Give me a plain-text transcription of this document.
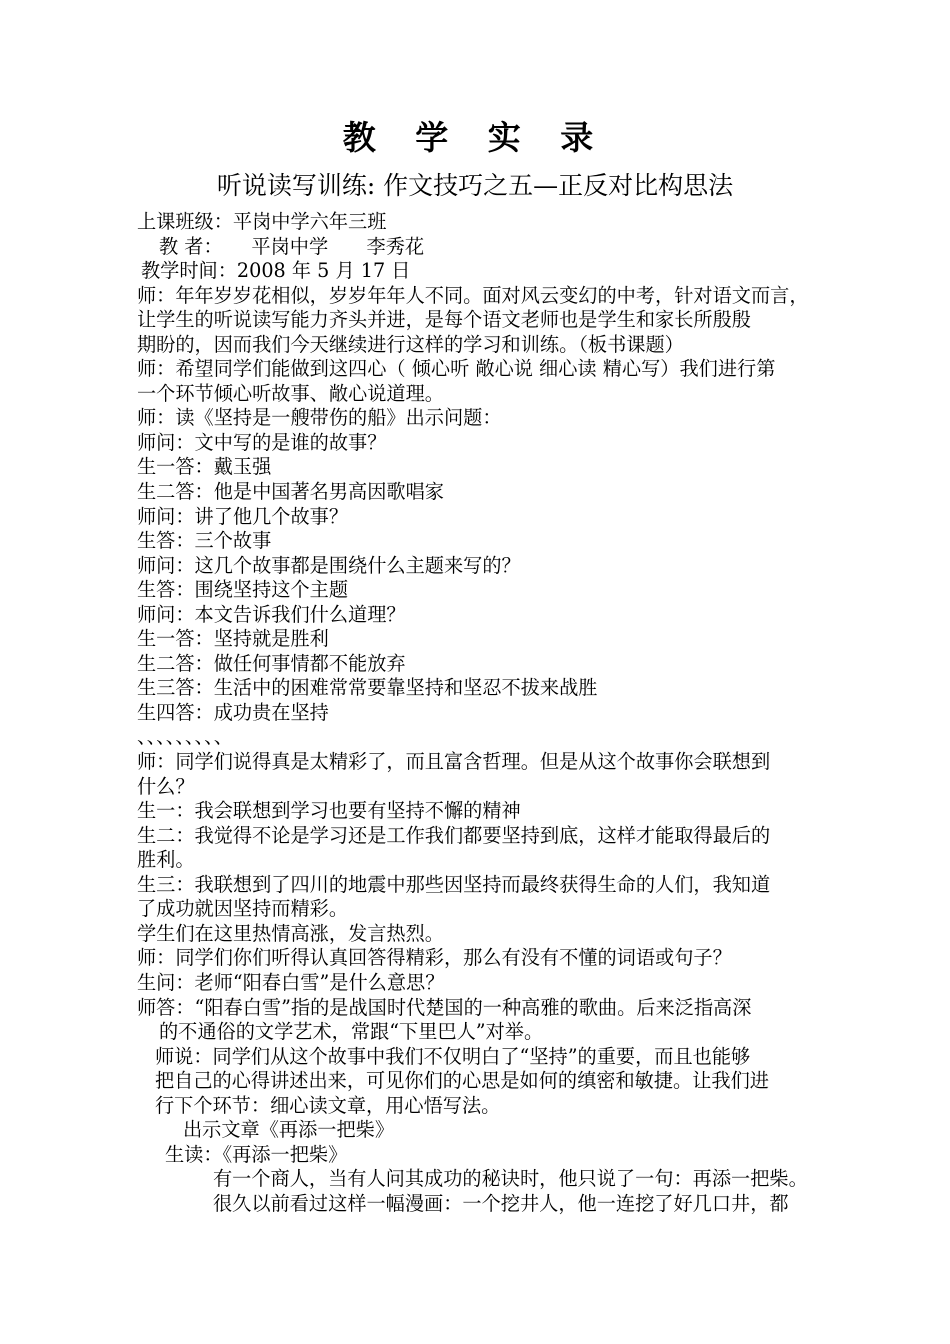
教 学 实 录
听说读写训练: 作文技巧之五—正反对比构思法

上课班级：平岗中学六年三班

教 者：　　平岗中学　　李秀花

教学时间：2008 年 5 月 17 日

师：年年岁岁花相似，岁岁年年人不同。面对风云变幻的中考，针对语文而言，

让学生的听说读写能力齐头并进，是每个语文老师也是学生和家长所殷殷

期盼的，因而我们今天继续进行这样的学习和训练。（板书课题）

师：希望同学们能做到这四心（ 倾心听 敞心说 细心读 精心写）我们进行第

一个环节倾心听故事、敞心说道理。

师：读《坚持是一艘带伤的船》出示问题：

师问：文中写的是谁的故事？

生一答：戴玉强

生二答：他是中国著名男高因歌唱家

师问：讲了他几个故事？

生答：三个故事

师问：这几个故事都是围绕什么主题来写的？

生答：围绕坚持这个主题

师问：本文告诉我们什么道理？

生一答：坚持就是胜利

生二答：做任何事情都不能放弃

生三答：生活中的困难常常要靠坚持和坚忍不拔来战胜

生四答：成功贵在坚持

、、、、、、、、、

师：同学们说得真是太精彩了，而且富含哲理。但是从这个故事你会联想到

什么？

生一：我会联想到学习也要有坚持不懈的精神

生二：我觉得不论是学习还是工作我们都要坚持到底，这样才能取得最后的

胜利。

生三：我联想到了四川的地震中那些因坚持而最终获得生命的人们，我知道

了成功就因坚持而精彩。

学生们在这里热情高涨，发言热烈。

师：同学们你们听得认真回答得精彩，那么有没有不懂的词语或句子？

生问：老师“阳春白雪”是什么意思？

师答：“阳春白雪”指的是战国时代楚国的一种高雅的歌曲。后来泛指高深

的不通俗的文学艺术，常跟“下里巴人”对举。

师说：同学们从这个故事中我们不仅明白了“坚持”的重要，而且也能够

把自己的心得讲述出来，可见你们的心思是如何的缜密和敏捷。让我们进

行下个环节：细心读文章，用心悟写法。

出示文章《再添一把柴》

生读：《再添一把柴》

有一个商人，当有人问其成功的秘诀时，他只说了一句：再添一把柴。

很久以前看过这样一幅漫画：一个挖井人，他一连挖了好几口井，都
